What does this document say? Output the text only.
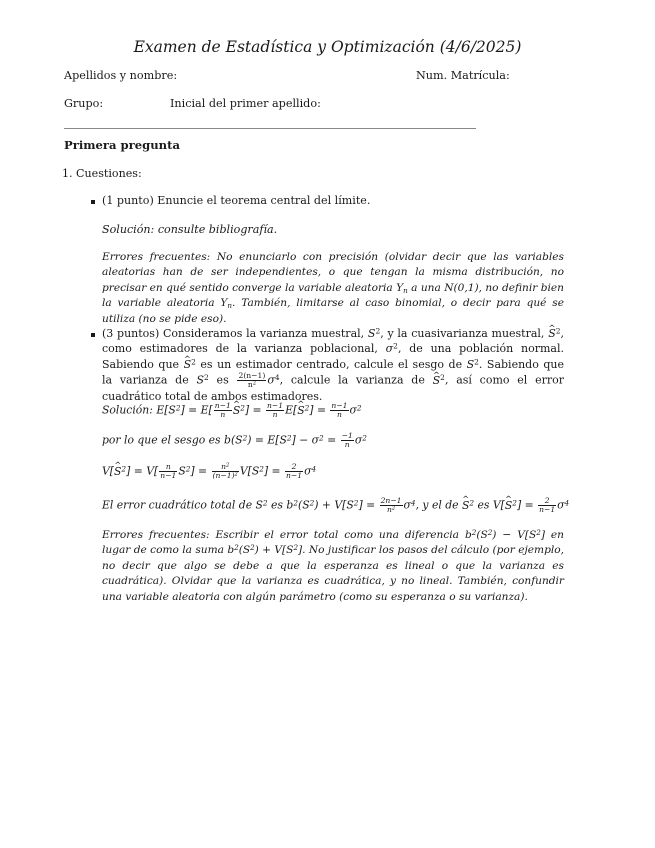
Examen de Estadística y Optimización (4/6/2025)
Apellidos y nombre:	Num. Matrícula:
Grupo:	Inicial del primer apellido:
Primera pregunta
1. Cuestiones:
(1 punto) Enuncie el teorema central del límite.
Solución: consulte bibliografía.
Errores frecuentes: No enunciarlo con precisión (olvidar decir que las variables aleatorias han de ser independientes, o que tengan la misma distribución, no precisar en qué sentido converge la variable aleatoria $Y_n$ a una N(0,1), no definir bien la variable aleatoria $Y_n$. También, limitarse al caso binomial, o decir para qué se utiliza (no se pide eso).
(3 puntos) Consideramos la varianza muestral, $S^2$, y la cuasivarianza muestral, ^ $S^2$, como estimadores de la varianza poblacional, $\sigma^2$, de una población normal. Sabiendo que ^ $S^2$ es un estimador centrado, calcule el sesgo de $S^2$. Sabiendo que la varianza de $S^2$ es $\frac{2(n-1)}{n^2} \sigma^4$, calcule la varianza de ^ $S^2$, así como el error cuadrático total de ambos estimadores.
Solución: $E[S^2] = E[ \frac{n-1}{n}$
^ $S^2] = \frac{n-1}{n}$ E[^ $S^2] = \frac{n-1}{n} \sigma^2$
por lo que el sesgo es $b(S^2) = E[S^2] - \sigma^2 = \frac{-1}{n} \sigma^2$
V[^ $S^2] = V[ \frac{n}{n-1} S^2] = \frac{n^2}{(n-1)^2} V[S^2] = \frac{2}{n-1} \sigma^4$
El error cuadrático total de $S^2$ es $b^2(S^2) + V[S^2] = \frac{2n-1}{n^2} \sigma^4$, y el de ^ $S^2$ es V[^ $S^2] = \frac{2}{n-1} \sigma^4$
Errores frecuentes: Escribir el error total como una diferencia $b^2(S^2) - V[S^2]$ en lugar de como la suma $b^2(S^2) + V[S^2]$. No justificar los pasos del cálculo (por ejemplo, no decir que algo se debe a que la esperanza es lineal o que la varianza es cuadrática). Olvidar que la varianza es cuadrática, y no lineal. También, confundir una variable aleatoria con algún parámetro (como su esperanza o su varianza).
